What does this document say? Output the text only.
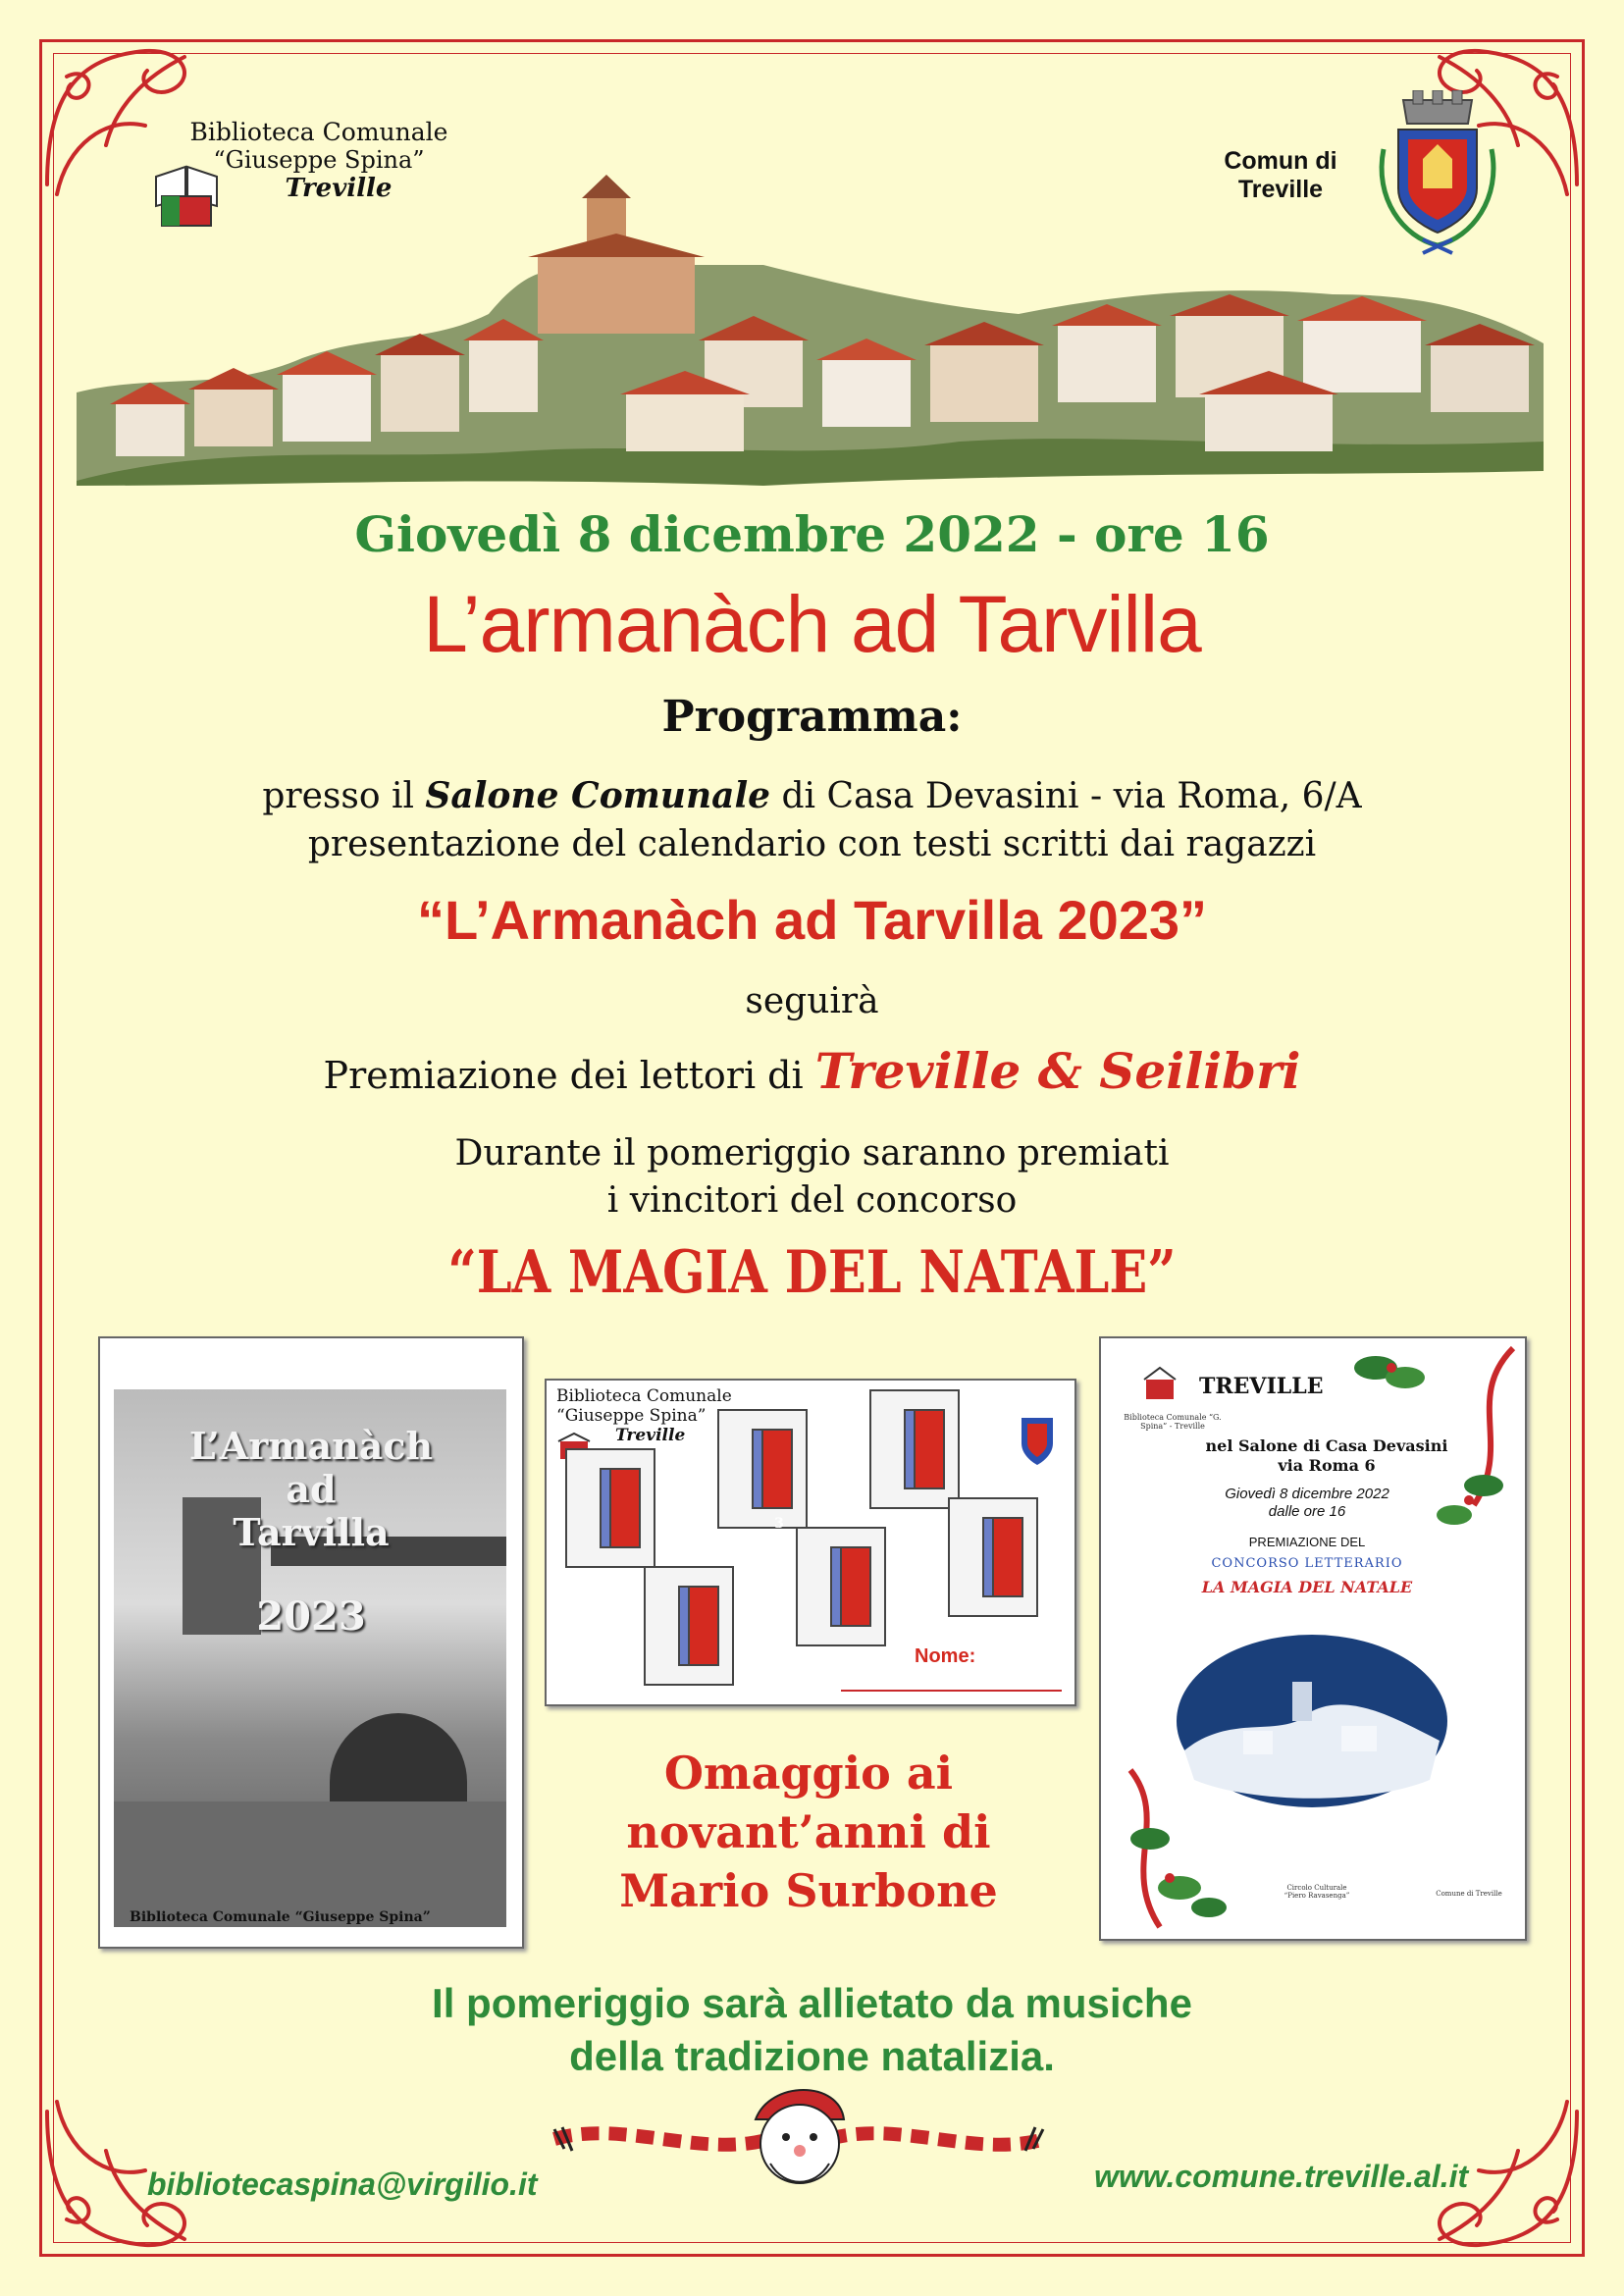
Biblioteca Comunale
“Giuseppe Spina”
Treville
Comun di
Treville
Giovedì 8 dicembre 2022 - ore 16
L’armanàch ad Tarvilla
Programma:
presso il Salone Comunale di Casa Devasini - via Roma, 6/A
presentazione del calendario con testi scritti dai ragazzi
“L’Armanàch ad Tarvilla 2023”
seguirà
Premiazione dei lettori di Treville & Seilibri
Durante il pomeriggio saranno premiati
i vincitori del concorso
“LA MAGIA DEL NATALE”
L’Armanàch
ad
Tarvilla
2023
Biblioteca Comunale “Giuseppe Spina”
Biblioteca Comunale
“Giuseppe Spina”
Treville
3 ville
Nome:
TREVILLE
Biblioteca Comunale “G. Spina” - Treville
nel Salone di Casa Devasini
via Roma 6
Giovedì 8 dicembre 2022
dalle ore 16
PREMIAZIONE DEL
CONCORSO LETTERARIO
LA MAGIA DEL NATALE
Circolo Culturale “Piero Ravasenga”	Comune di Treville
Omaggio ai
novant’anni di
Mario Surbone
Il pomeriggio sarà allietato da musiche
della tradizione natalizia.
bibliotecaspina@virgilio.it	www.comune.treville.al.it
